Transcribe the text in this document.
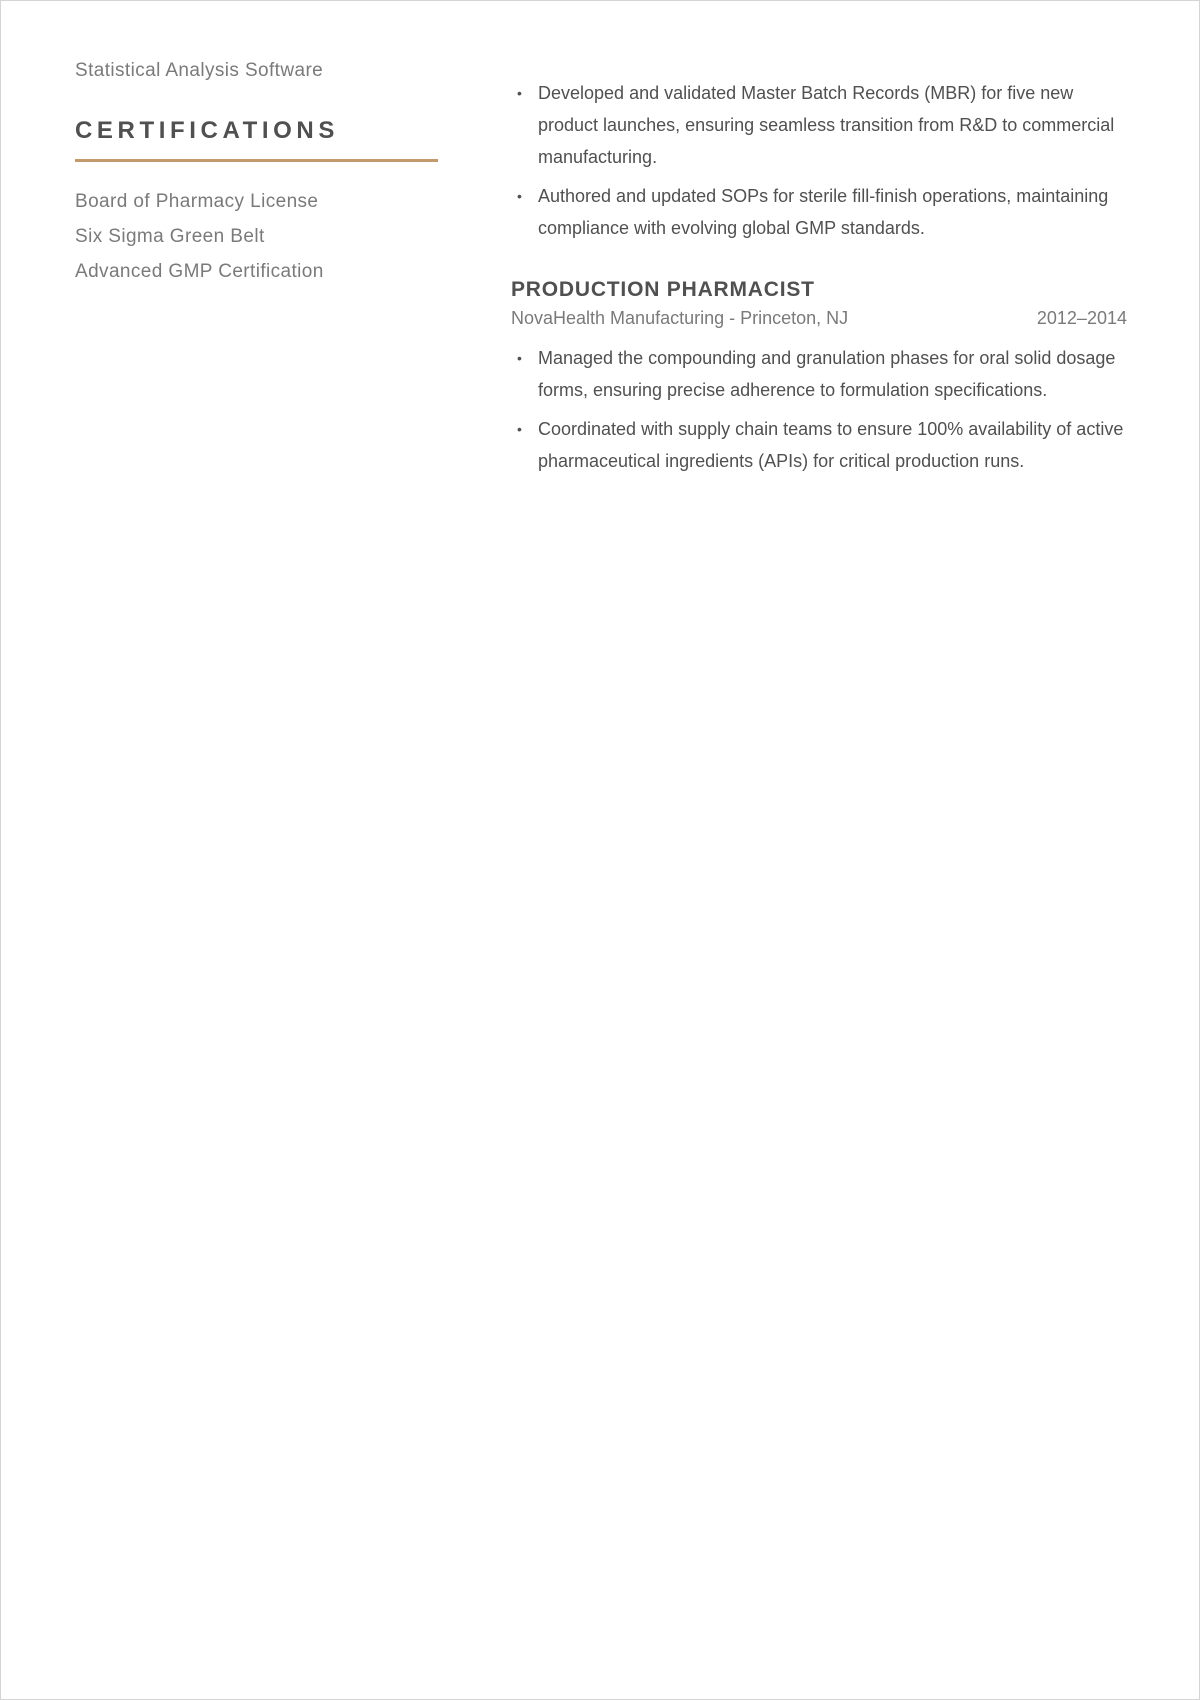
Statistical Analysis Software
CERTIFICATIONS
Board of Pharmacy License
Six Sigma Green Belt
Advanced GMP Certification
• Developed and validated Master Batch Records (MBR) for five new product launches, ensuring seamless transition from R&D to commercial manufacturing.
• Authored and updated SOPs for sterile fill-finish operations, maintaining compliance with evolving global GMP standards.
PRODUCTION PHARMACIST
NovaHealth Manufacturing - Princeton, NJ	2012–2014
• Managed the compounding and granulation phases for oral solid dosage forms, ensuring precise adherence to formulation specifications.
• Coordinated with supply chain teams to ensure 100% availability of active pharmaceutical ingredients (APIs) for critical production runs.
